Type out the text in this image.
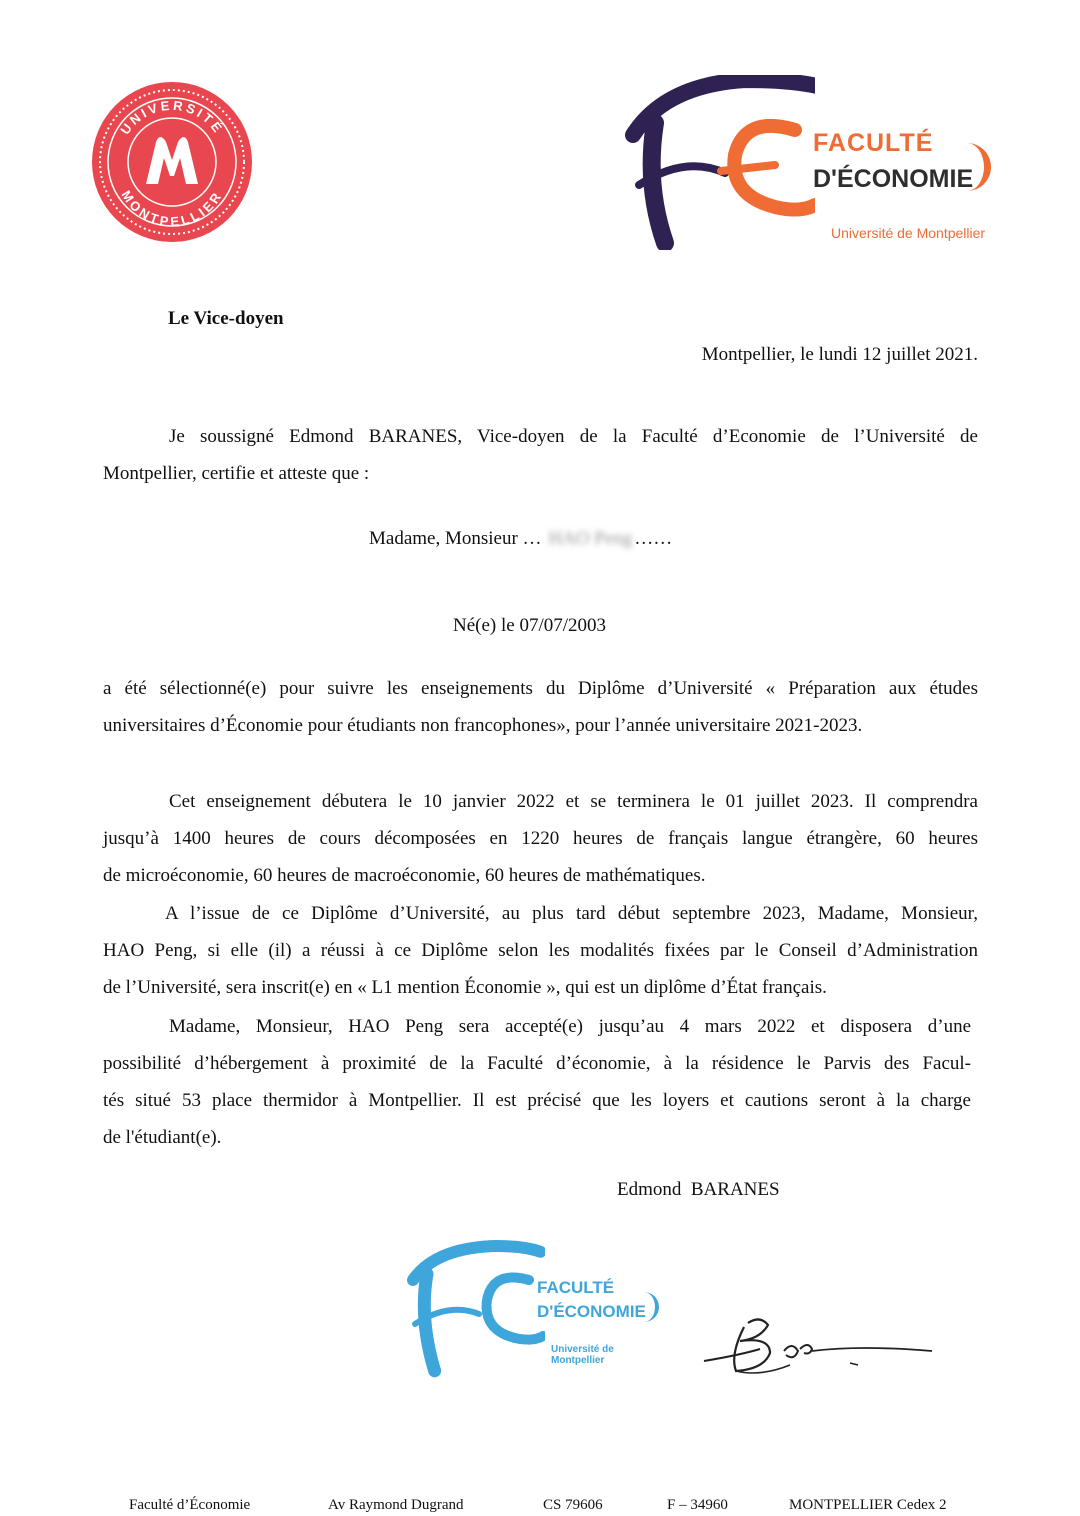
UNIVERSITÉ
MONTPELLIER
FACULTÉ
D'ÉCONOMIE
Université de Montpellier
Le Vice-doyen
Montpellier, le lundi 12 juillet 2021.

Je soussigné Edmond BARANES, Vice-doyen de la Faculté d’Economie de l’Université de

Montpellier, certifie et atteste que :

Madame, Monsieur … HAO Peng ……
Né(e) le 07/07/2003

a été sélectionné(e) pour suivre les enseignements du Diplôme d’Université « Préparation aux études

universitaires d’Économie pour étudiants non francophones», pour l’année universitaire 2021-2023.

Cet enseignement débutera le 10 janvier 2022 et se terminera le 01 juillet 2023. Il comprendra

jusqu’à 1400 heures de cours décomposées en 1220 heures de français langue étrangère, 60 heures

de microéconomie, 60 heures de macroéconomie, 60 heures de mathématiques.

A l’issue de ce Diplôme d’Université, au plus tard début septembre 2023, Madame, Monsieur,

HAO Peng, si elle (il) a réussi à ce Diplôme selon les modalités fixées par le Conseil d’Administration

de l’Université, sera inscrit(e) en « L1 mention Économie », qui est un diplôme d’État français.

Madame, Monsieur, HAO Peng sera accepté(e) jusqu’au 4 mars 2022 et disposera d’une

possibilité d’hébergement à proximité de la Faculté d’économie, à la résidence le Parvis des Facul-

tés situé 53 place thermidor à Montpellier. Il est précisé que les loyers et cautions seront à la charge

de l'étudiant(e).

Edmond  BARANES
FACULTÉ
D'ÉCONOMIE
Université de Montpellier
Faculté d’Économie	Av Raymond Dugrand	CS 79606	F – 34960	MONTPELLIER Cedex 2
